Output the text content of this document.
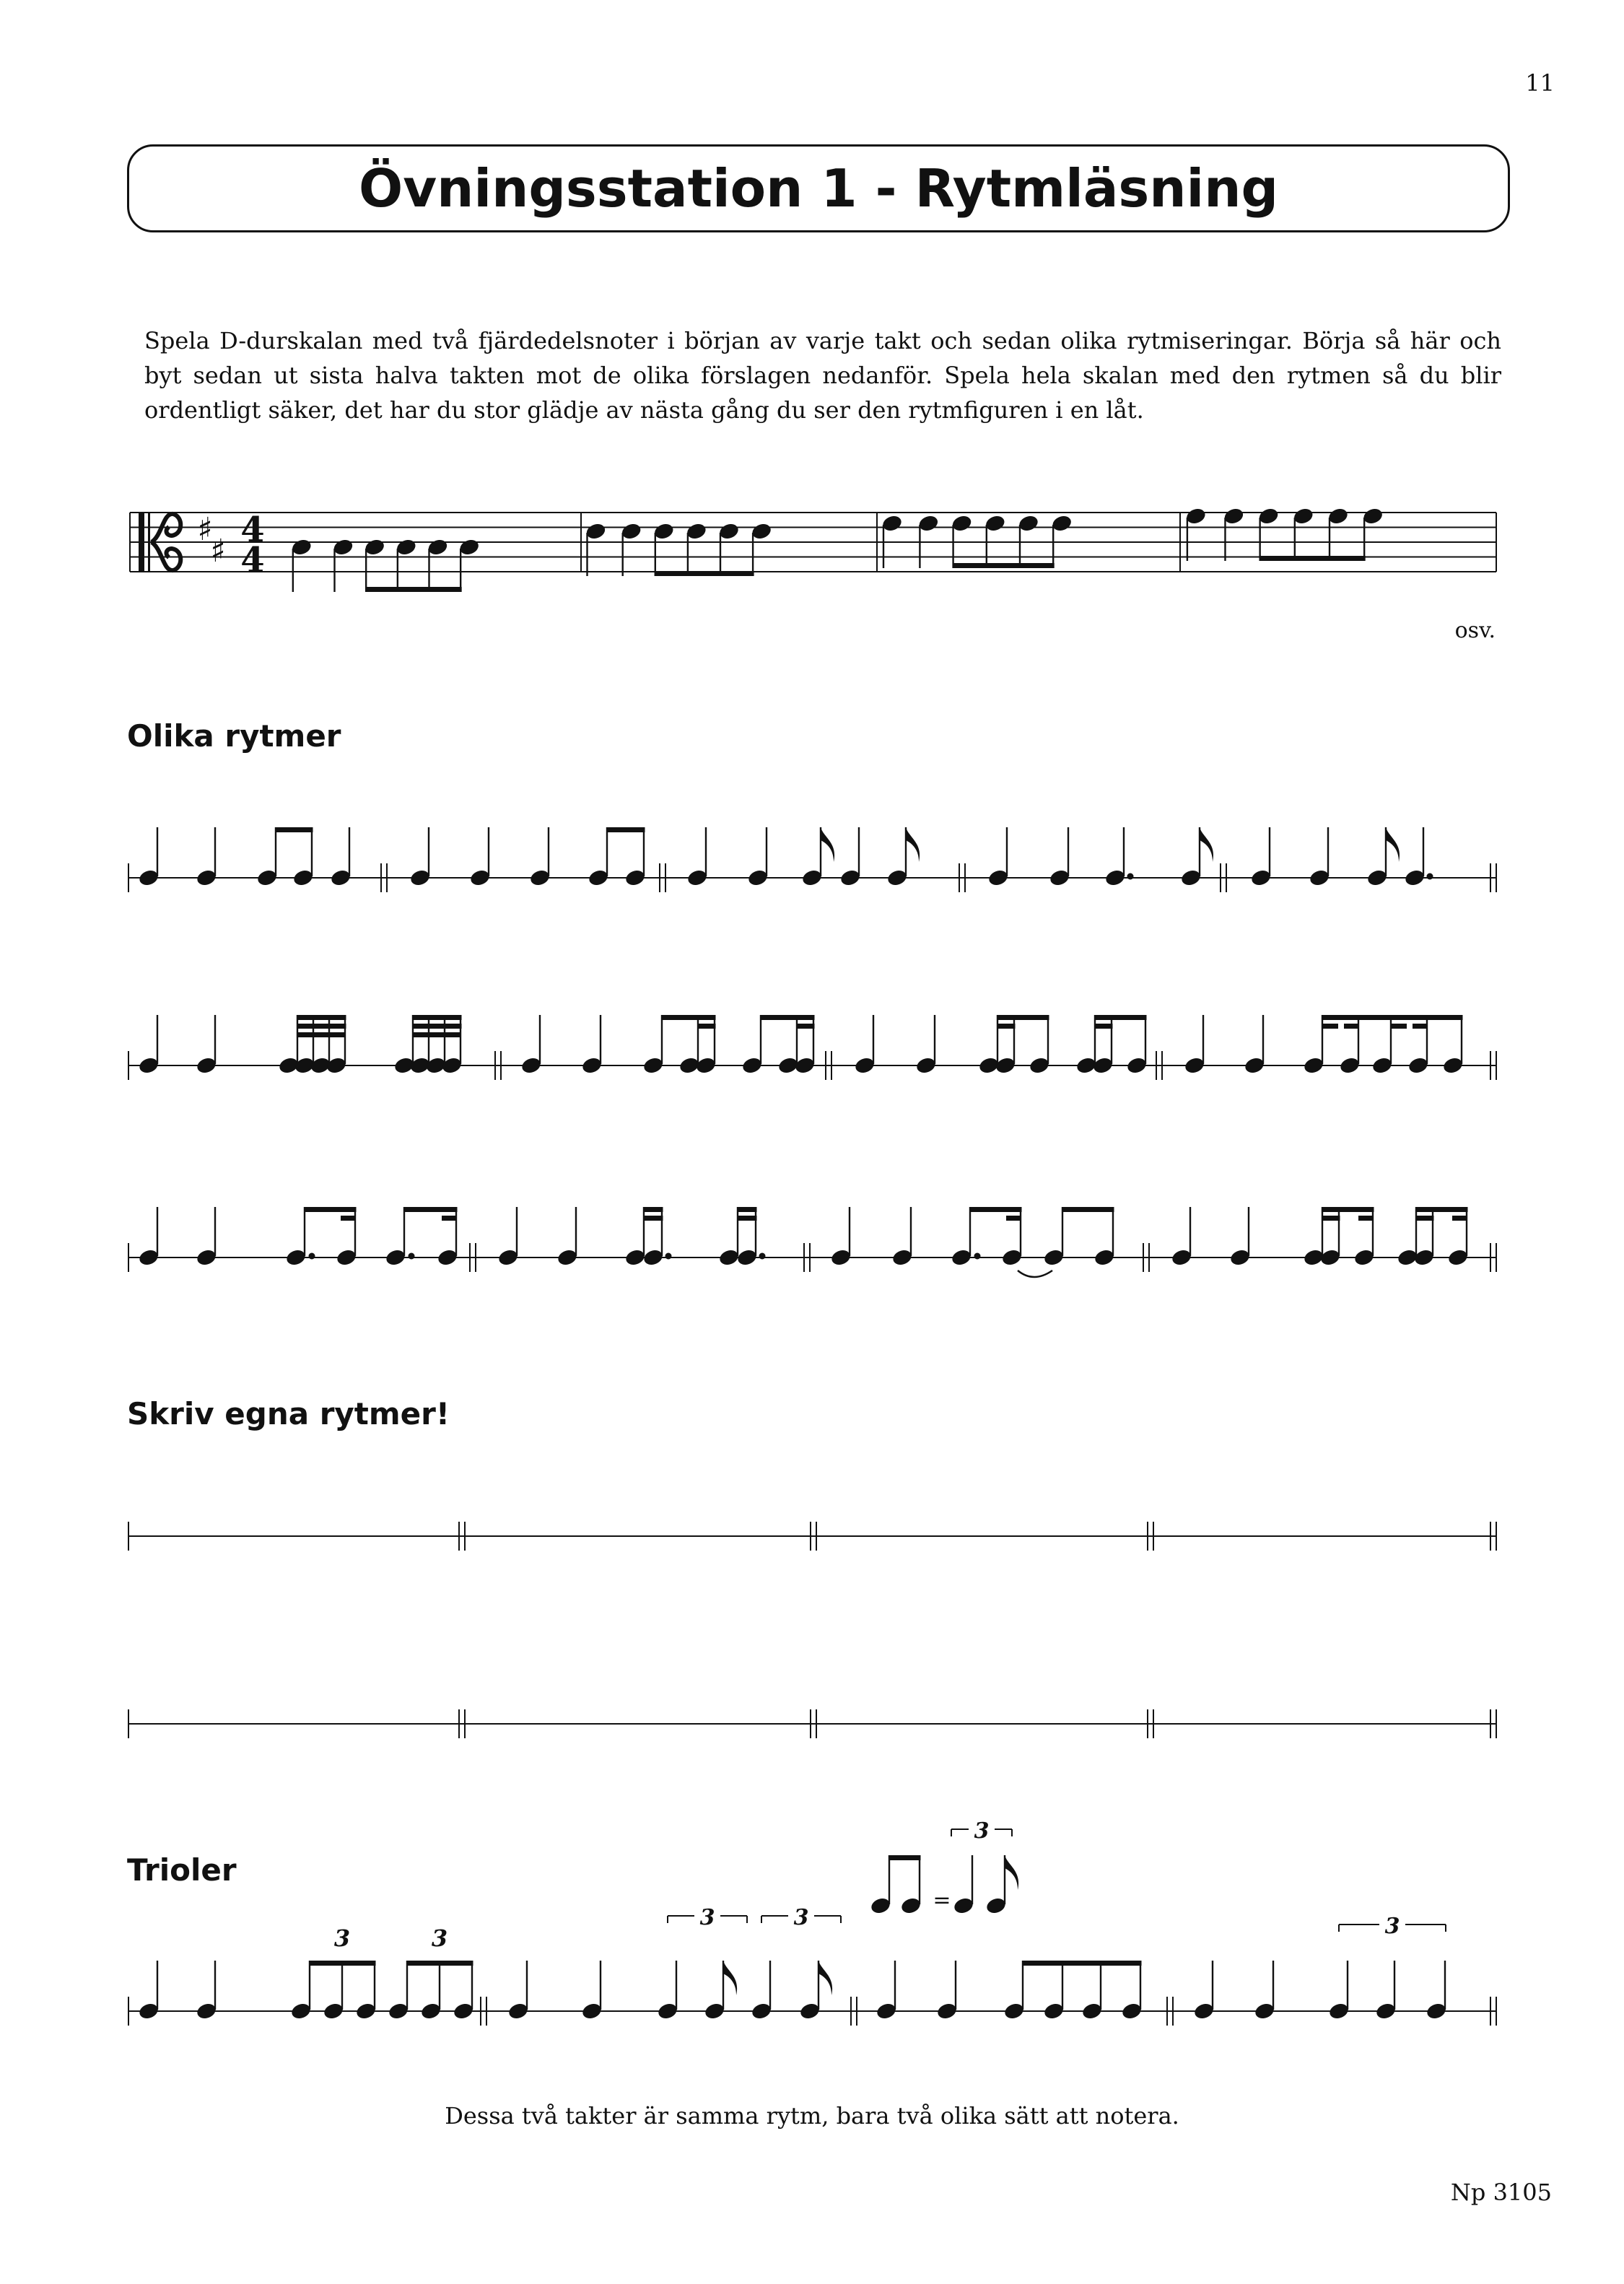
11
Övningsstation 1 - Rytmläsning

Spela D-durskalan med två fjärdedelsnoter i början av varje takt och sedan olika rytmiseringar. Börja så här och byt sedan ut sista halva takten mot de olika förslagen nedanför. Spela hela skalan med den rytmen så du blir ordentligt säker, det har du stor glädje av nästa gång du ser den rytmfiguren i en låt.

osv.
Olika rytmer
Skriv egna rytmer!
Trioler
Dessa två takter är samma rytm, bara två olika sätt att notera.
Np 3105
♯
♯
4
4
3	3
3	3	3
=
3
